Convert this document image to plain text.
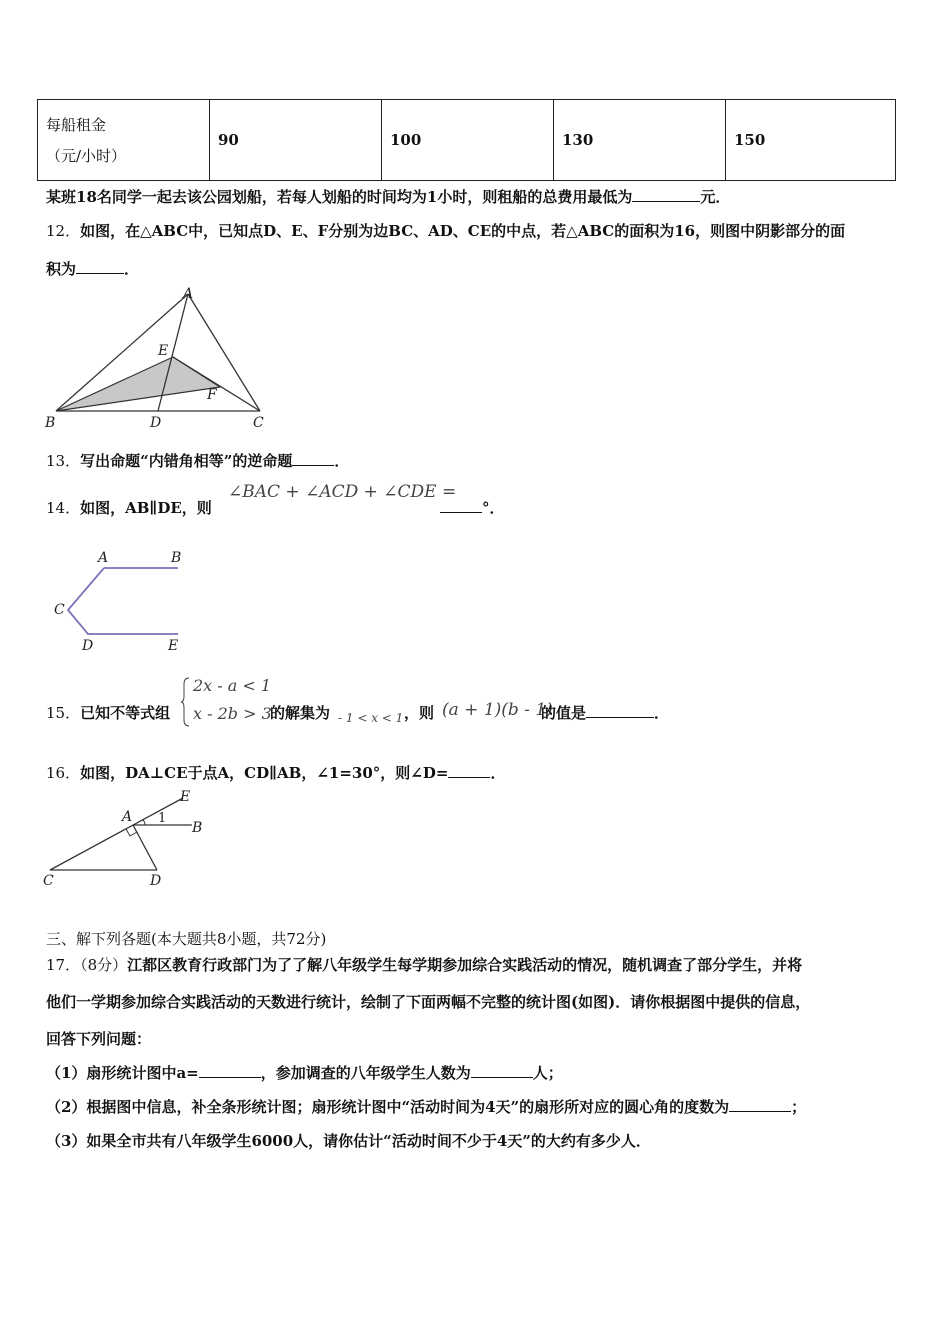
每船租金
（元/小时）
	90	100	130	150
某班18名同学一起去该公园划船，若每人划船的时间均为1小时，则租船的总费用最低为	元．
12．如图，在△ABC中，已知点D、E、F分别为边BC、AD、CE的中点，若△ABC的面积为16，则图中阴影部分的面
积为	．
A
E
F
B	D	C
13．写出命题“内错角相等”的逆命题	．
14．如图，AB∥DE，则
∠BAC + ∠ACD + ∠CDE =
°．
A	B
C
D	E
15．已知不等式组
2x - a < 1
x - 2b > 3
的解集为 - 1 < x < 1 ，则 (a + 1)(b - 1)
的值是	．
16．如图，DA⊥CE于点A，CD∥AB，∠1=30°，则∠D=	．
E
A 1
B
C	D
三、解下列各题(本大题共8小题，共72分)
17．（8分）江都区教育行政部门为了了解八年级学生每学期参加综合实践活动的情况，随机调查了部分学生，并将
他们一学期参加综合实践活动的天数进行统计，绘制了下面两幅不完整的统计图(如图)．请你根据图中提供的信息，
回答下列问题：
（1）扇形统计图中a=	，参加调查的八年级学生人数为	人；
（2）根据图中信息，补全条形统计图；扇形统计图中“活动时间为4天”的扇形所对应的圆心角的度数为	；
（3）如果全市共有八年级学生6000人，请你估计“活动时间不少于4天”的大约有多少人．
